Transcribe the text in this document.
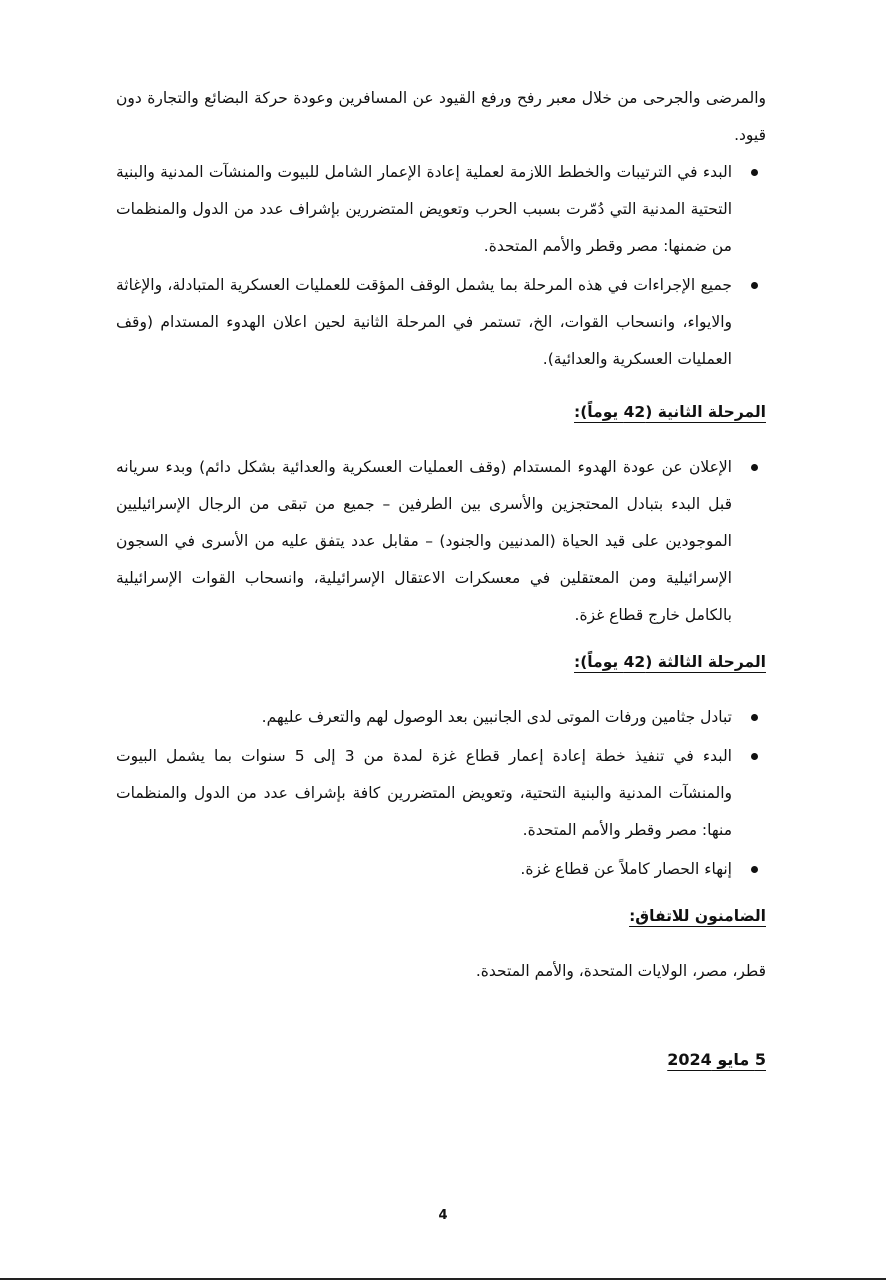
والمرضى والجرحى من خلال معبر رفح ورفع القيود عن المسافرين وعودة حركة البضائع والتجارة دون قيود.

البدء في الترتيبات والخطط اللازمة لعملية إعادة الإعمار الشامل للبيوت والمنشآت المدنية والبنية التحتية المدنية التي دُمّرت بسبب الحرب وتعويض المتضررين بإشراف عدد من الدول والمنظمات من ضمنها: مصر وقطر والأمم المتحدة.
جميع الإجراءات في هذه المرحلة بما يشمل الوقف المؤقت للعمليات العسكرية المتبادلة، والإغاثة والايواء، وانسحاب القوات، الخ، تستمر في المرحلة الثانية لحين اعلان الهدوء المستدام (وقف العمليات العسكرية والعدائية).
المرحلة الثانية (42 يوماً):
الإعلان عن عودة الهدوء المستدام (وقف العمليات العسكرية والعدائية بشكل دائم) وبدء سريانه قبل البدء بتبادل المحتجزين والأسرى بين الطرفين – جميع من تبقى من الرجال الإسرائيليين الموجودين على قيد الحياة (المدنيين والجنود) – مقابل عدد يتفق عليه من الأسرى في السجون الإسرائيلية ومن المعتقلين في معسكرات الاعتقال الإسرائيلية، وانسحاب القوات الإسرائيلية بالكامل خارج قطاع غزة.
المرحلة الثالثة (42 يوماً):
تبادل جثامين ورفات الموتى لدى الجانبين بعد الوصول لهم والتعرف عليهم.
البدء في تنفيذ خطة إعادة إعمار قطاع غزة لمدة من 3 إلى 5 سنوات بما يشمل البيوت والمنشآت المدنية والبنية التحتية، وتعويض المتضررين كافة بإشراف عدد من الدول والمنظمات منها: مصر وقطر والأمم المتحدة.
إنهاء الحصار كاملاً عن قطاع غزة.
الضامنون للاتفاق:

قطر، مصر، الولايات المتحدة، والأمم المتحدة.

5 مايو 2024
4
